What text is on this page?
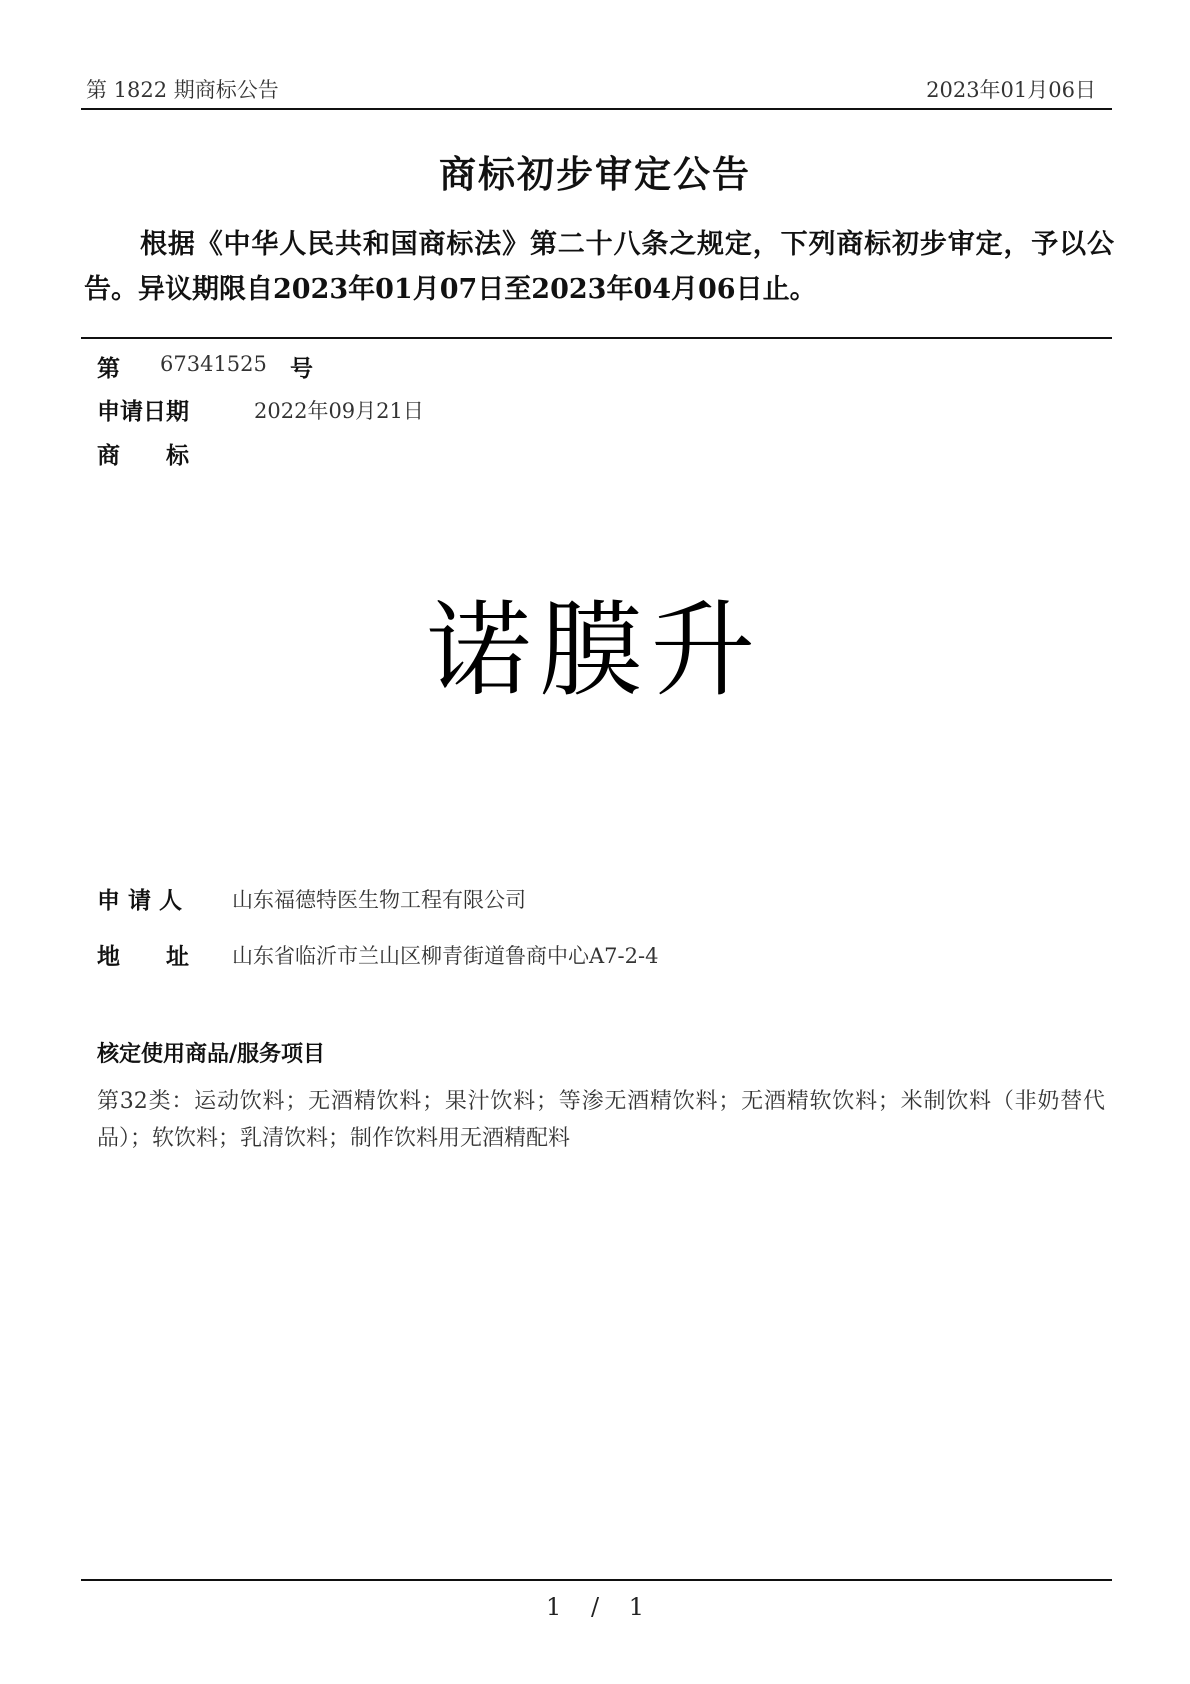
第 1822 期商标公告	2023年01月06日
商标初步审定公告
根据《中华人民共和国商标法》第二十八条之规定，下列商标初步审定，予以公告。异议期限自2023年01月07日至2023年04月06日止。
第 67341525 号
申请日期	2022年09月21日
商　　标
诺膜升
申 请 人 山东福德特医生物工程有限公司
地　　址 山东省临沂市兰山区柳青街道鲁商中心A7-2-4
核定使用商品/服务项目
第32类：运动饮料；无酒精饮料；果汁饮料；等渗无酒精饮料；无酒精软饮料；米制饮料（非奶替代品）；软饮料；乳清饮料；制作饮料用无酒精配料
1 / 1
